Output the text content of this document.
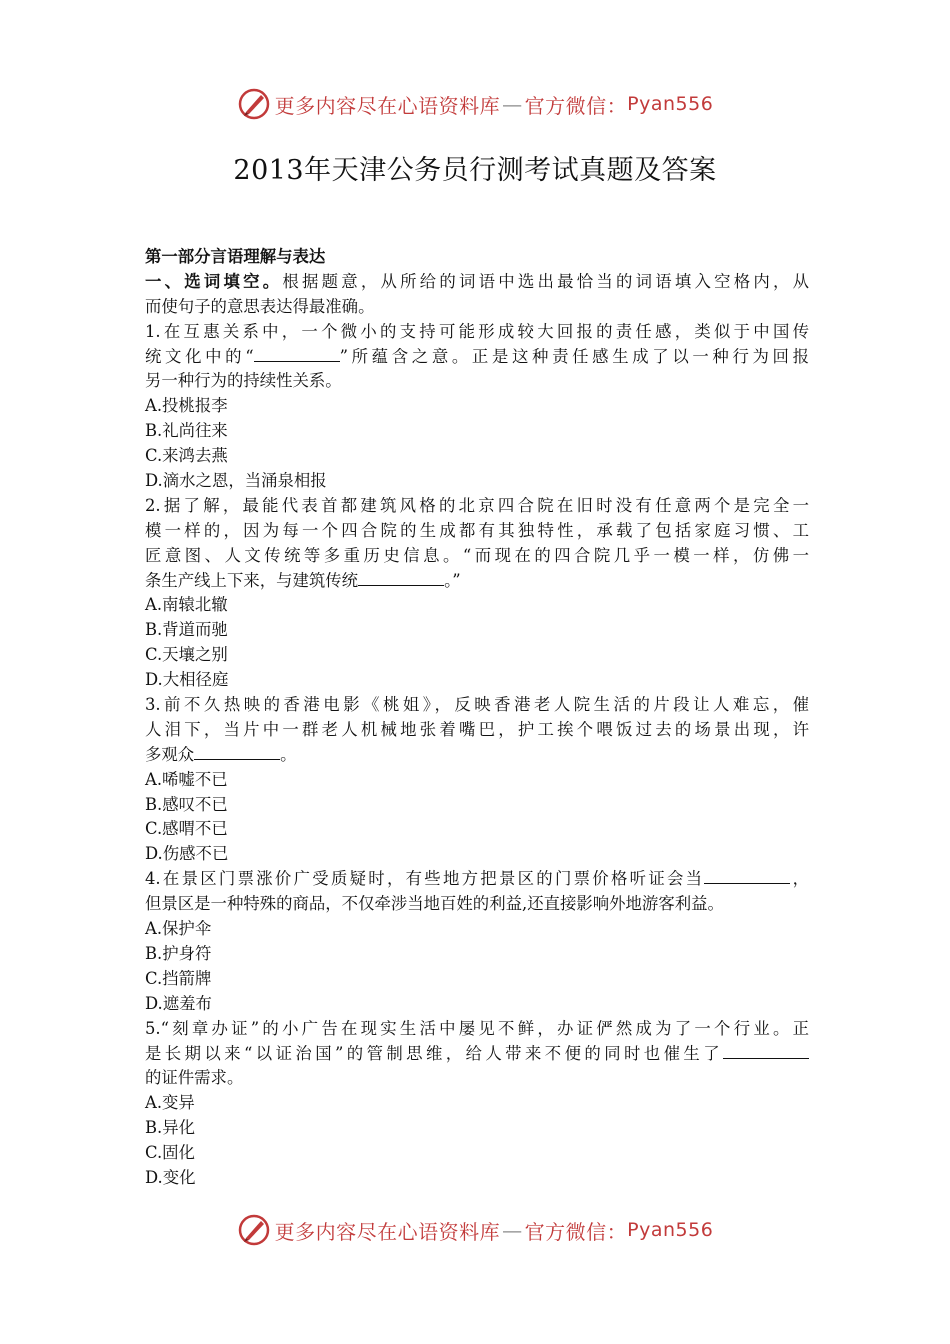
更多内容尽在心语资料库 — 官方微信： Pyan556
2013年天津公务员行测考试真题及答案
第一部分言语理解与表达
一、选词填空。根据题意，从所给的词语中选出最恰当的词语填入空格内，从
而使句子的意思表达得最准确。
1.在互惠关系中，一个微小的支持可能形成较大回报的责任感，类似于中国传
统文化中的“	”所蕴含之意。正是这种责任感生成了以一种行为回报
另一种行为的持续性关系。
A.投桃报李
B.礼尚往来
C.来鸿去燕
D.滴水之恩，当涌泉相报
2.据了解，最能代表首都建筑风格的北京四合院在旧时没有任意两个是完全一
模一样的，因为每一个四合院的生成都有其独特性，承载了包括家庭习惯、工
匠意图、人文传统等多重历史信息。“而现在的四合院几乎一模一样，仿佛一
条生产线上下来，与建筑传统	。”
A.南辕北辙
B.背道而驰
C.天壤之别
D.大相径庭
3.前不久热映的香港电影《桃姐》，反映香港老人院生活的片段让人难忘，催
人泪下，当片中一群老人机械地张着嘴巴，护工挨个喂饭过去的场景出现，许
多观众	。
A.唏嘘不已
B.感叹不已
C.感喟不已
D.伤感不已
4.在景区门票涨价广受质疑时，有些地方把景区的门票价格听证会当	，
但景区是一种特殊的商品，不仅牵涉当地百姓的利益,还直接影响外地游客利益。
A.保护伞
B.护身符
C.挡箭牌
D.遮羞布
5.“刻章办证”的小广告在现实生活中屡见不鲜，办证俨然成为了一个行业。正
是长期以来“以证治国”的管制思维，给人带来不便的同时也催生了
的证件需求。
A.变异
B.异化
C.固化
D.变化
更多内容尽在心语资料库 — 官方微信： Pyan556
